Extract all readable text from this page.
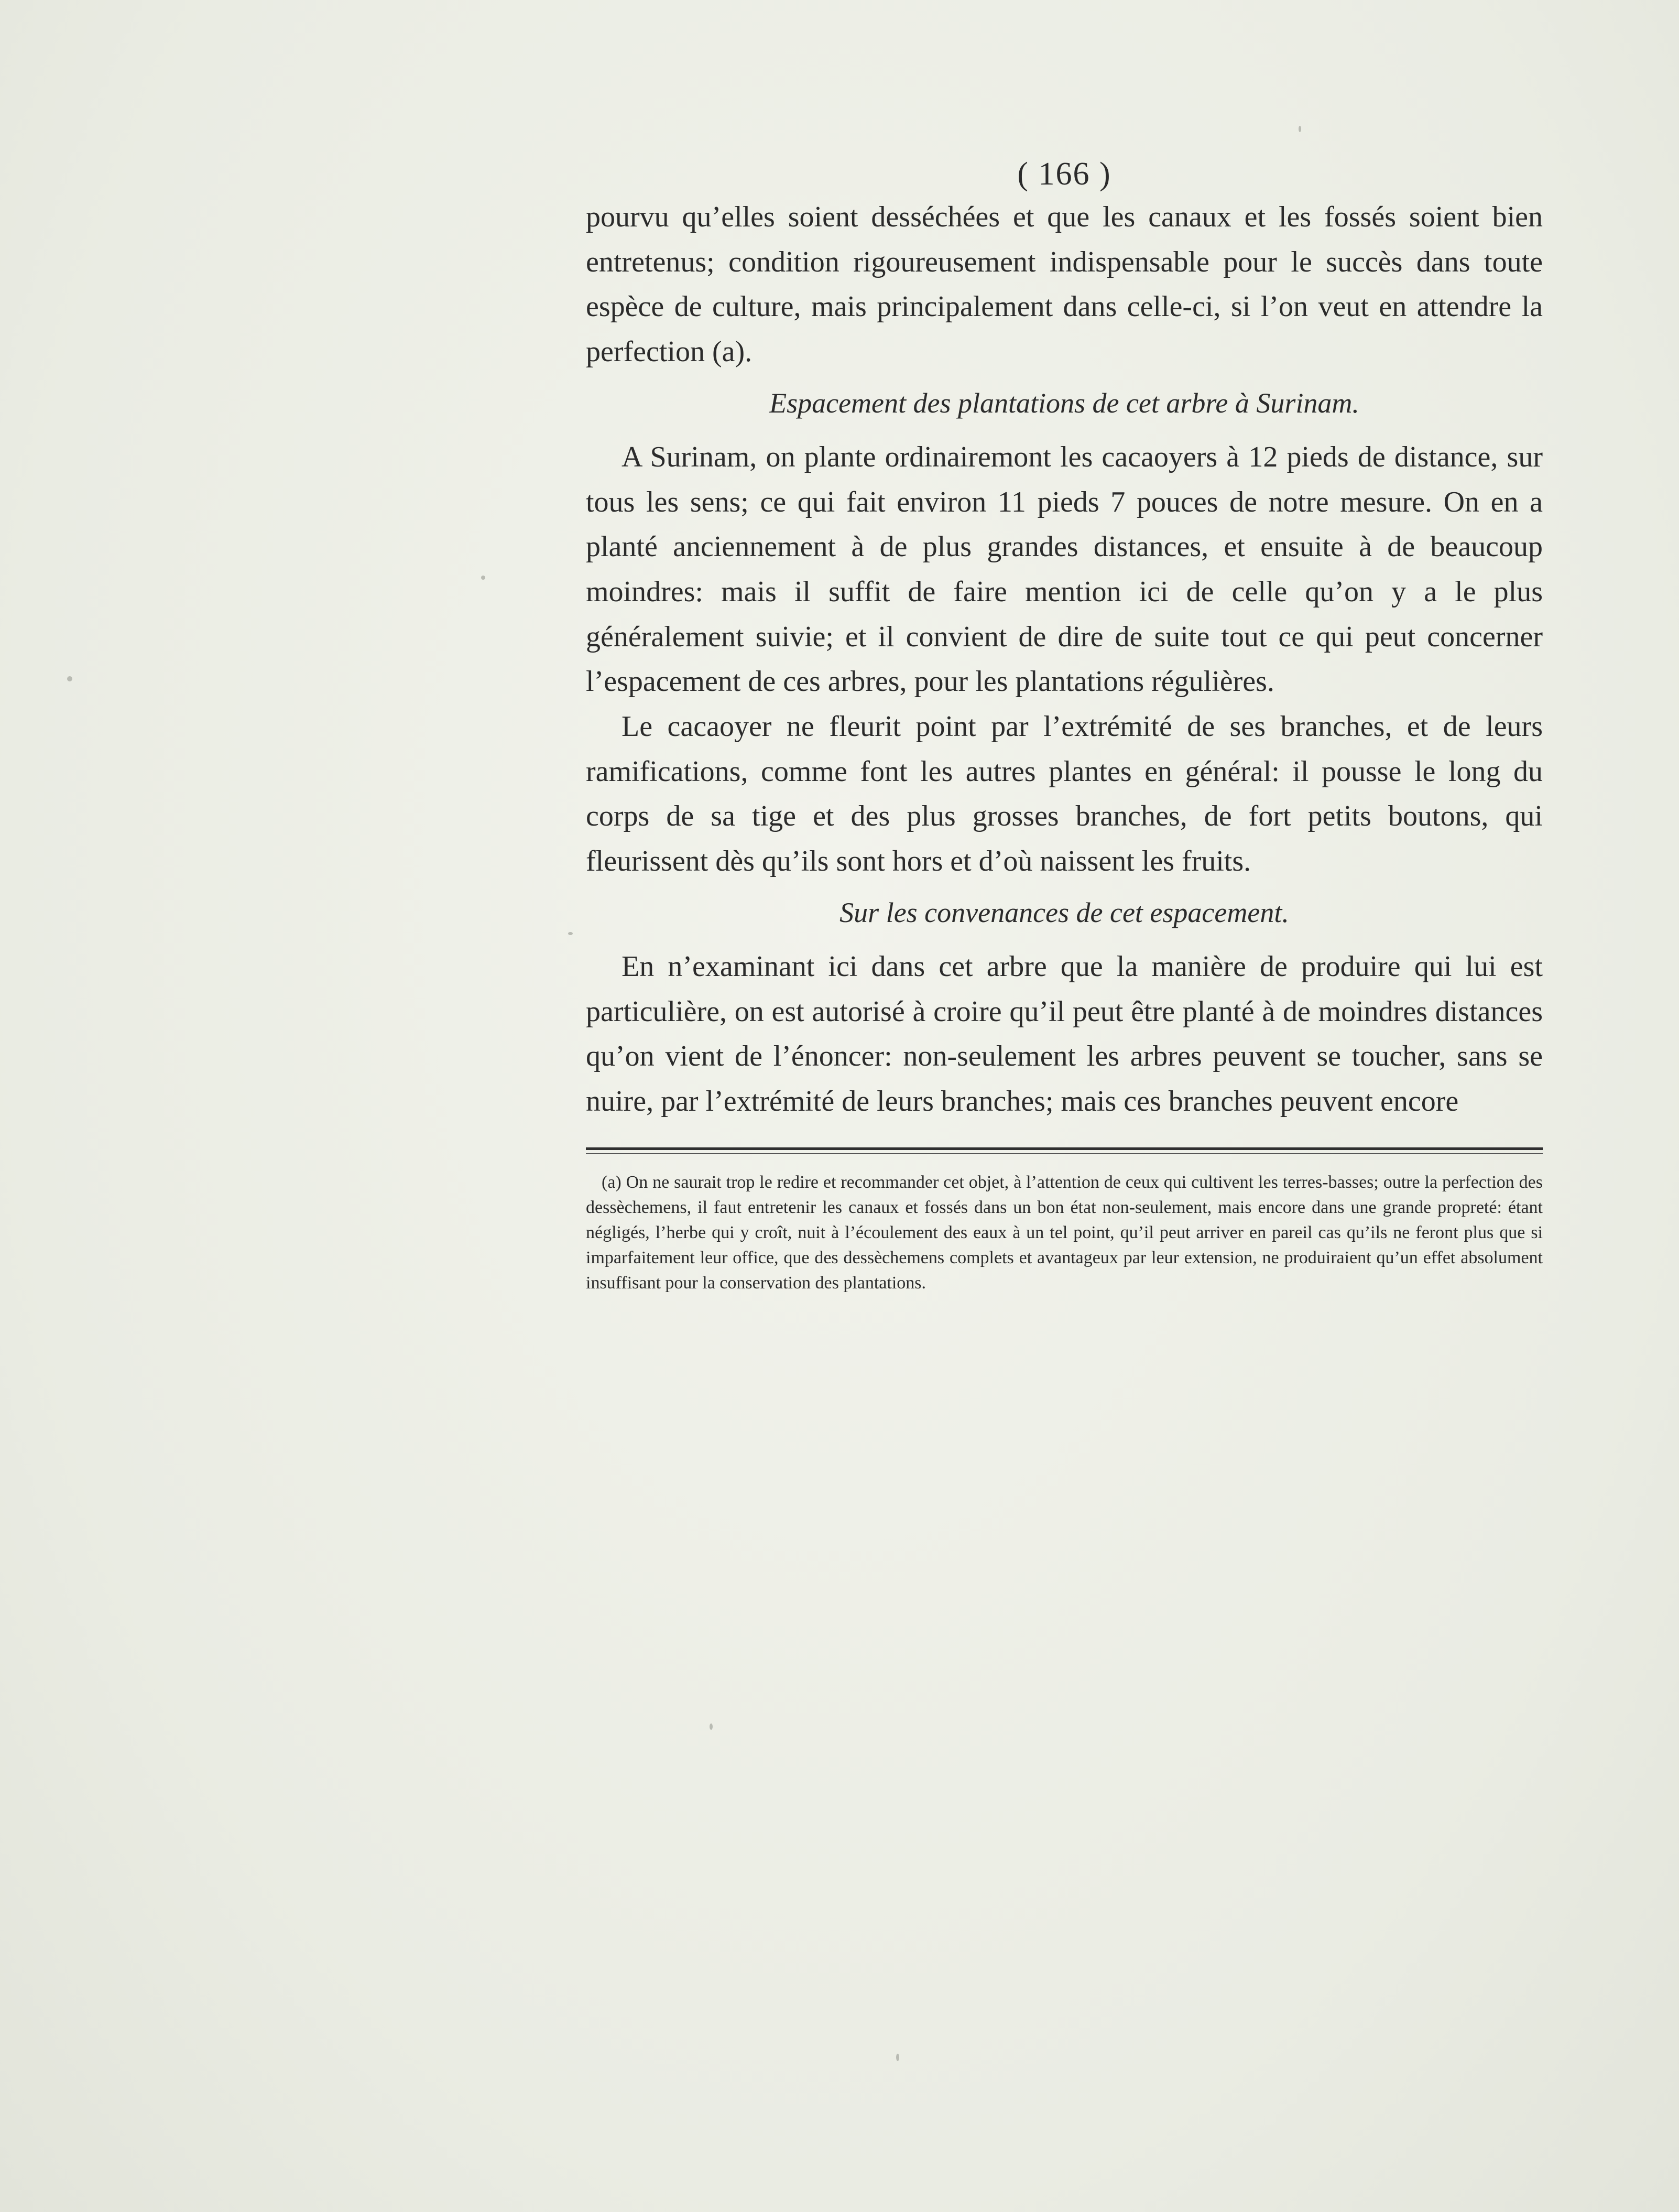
( 166 )

pourvu qu’elles soient desséchées et que les canaux et les fossés soient bien entretenus; condition rigoureusement indispensable pour le succès dans toute espèce de culture, mais principalement dans celle-ci, si l’on veut en attendre la perfection (a).

Espacement des plantations de cet arbre à Surinam.

A Surinam, on plante ordinairemont les cacaoyers à 12 pieds de distance, sur tous les sens; ce qui fait environ 11 pieds 7 pouces de notre mesure. On en a planté anciennement à de plus grandes distances, et ensuite à de beaucoup moindres: mais il suffit de faire mention ici de celle qu’on y a le plus généralement suivie; et il convient de dire de suite tout ce qui peut concerner l’espacement de ces arbres, pour les plantations régulières.

Le cacaoyer ne fleurit point par l’extrémité de ses branches, et de leurs ramifications, comme font les autres plantes en général: il pousse le long du corps de sa tige et des plus grosses branches, de fort petits boutons, qui fleurissent dès qu’ils sont hors et d’où naissent les fruits.

Sur les convenances de cet espacement.

En n’examinant ici dans cet arbre que la manière de produire qui lui est particulière, on est autorisé à croire qu’il peut être planté à de moindres distances qu’on vient de l’énoncer: non-seulement les arbres peuvent se toucher, sans se nuire, par l’extrémité de leurs branches; mais ces branches peuvent encore

(a) On ne saurait trop le redire et recommander cet objet, à l’attention de ceux qui cultivent les terres-basses; outre la perfection des dessèchemens, il faut entretenir les canaux et fossés dans un bon état non-seulement, mais encore dans une grande propreté: étant négligés, l’herbe qui y croît, nuit à l’écoulement des eaux à un tel point, qu’il peut arriver en pareil cas qu’ils ne feront plus que si imparfaitement leur office, que des dessèchemens complets et avantageux par leur extension, ne produiraient qu’un effet absolument insuffisant pour la conservation des plantations.
